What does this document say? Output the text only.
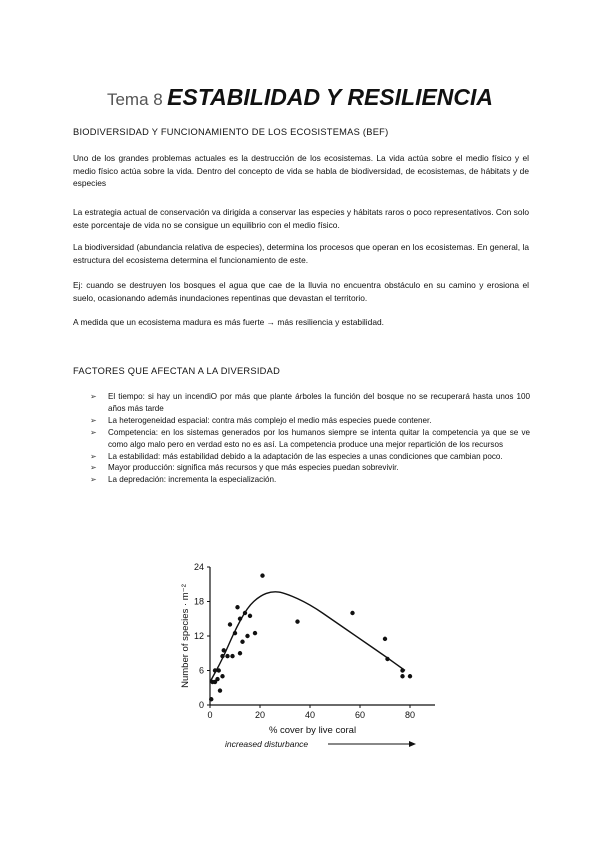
Tema 8 ESTABILIDAD Y RESILIENCIA
BIODIVERSIDAD Y FUNCIONAMIENTO DE LOS ECOSISTEMAS (BEF)

Uno de los grandes problemas actuales es la destrucción de los ecosistemas. La vida actúa sobre el medio físico y el medio físico actúa sobre la vida. Dentro del concepto de vida se habla de biodiversidad, de ecosistemas, de hábitats y de especies

La estrategia actual de conservación va dirigida a conservar las especies y hábitats raros o poco representativos. Con solo este porcentaje de vida no se consigue un equilibrio con el medio físico.

La biodiversidad (abundancia relativa de especies), determina los procesos que operan en los ecosistemas. En general, la estructura del ecosistema determina el funcionamiento de este.

Ej: cuando se destruyen los bosques el agua que cae de la lluvia no encuentra obstáculo en su camino y erosiona el suelo, ocasionando además inundaciones repentinas que devastan el territorio.

A medida que un ecosistema madura es más fuerte → más resiliencia y estabilidad.

FACTORES QUE AFECTAN A LA DIVERSIDAD
➢ El tiempo: si hay un incendiO por más que plante árboles la función del bosque no se recuperará hasta unos 100 años más tarde
➢ La heterogeneidad espacial: contra más complejo el medio más especies puede contener.
➢ Competencia: en los sistemas generados por los humanos siempre se intenta quitar la competencia ya que se ve como algo malo pero en verdad esto no es así. La competencia produce una mejor repartición de los recursos
➢ La estabilidad: más estabilidad debido a la adaptación de las especies a unas condiciones que cambian poco.
➢ Mayor producción: significa más recursos y que más especies puedan sobrevivir.
➢ La depredación: incrementa la especialización.
0	20	40	60	80
0
6
12
18
24
Number of species · m⁻²
% cover by live coral
increased disturbance
